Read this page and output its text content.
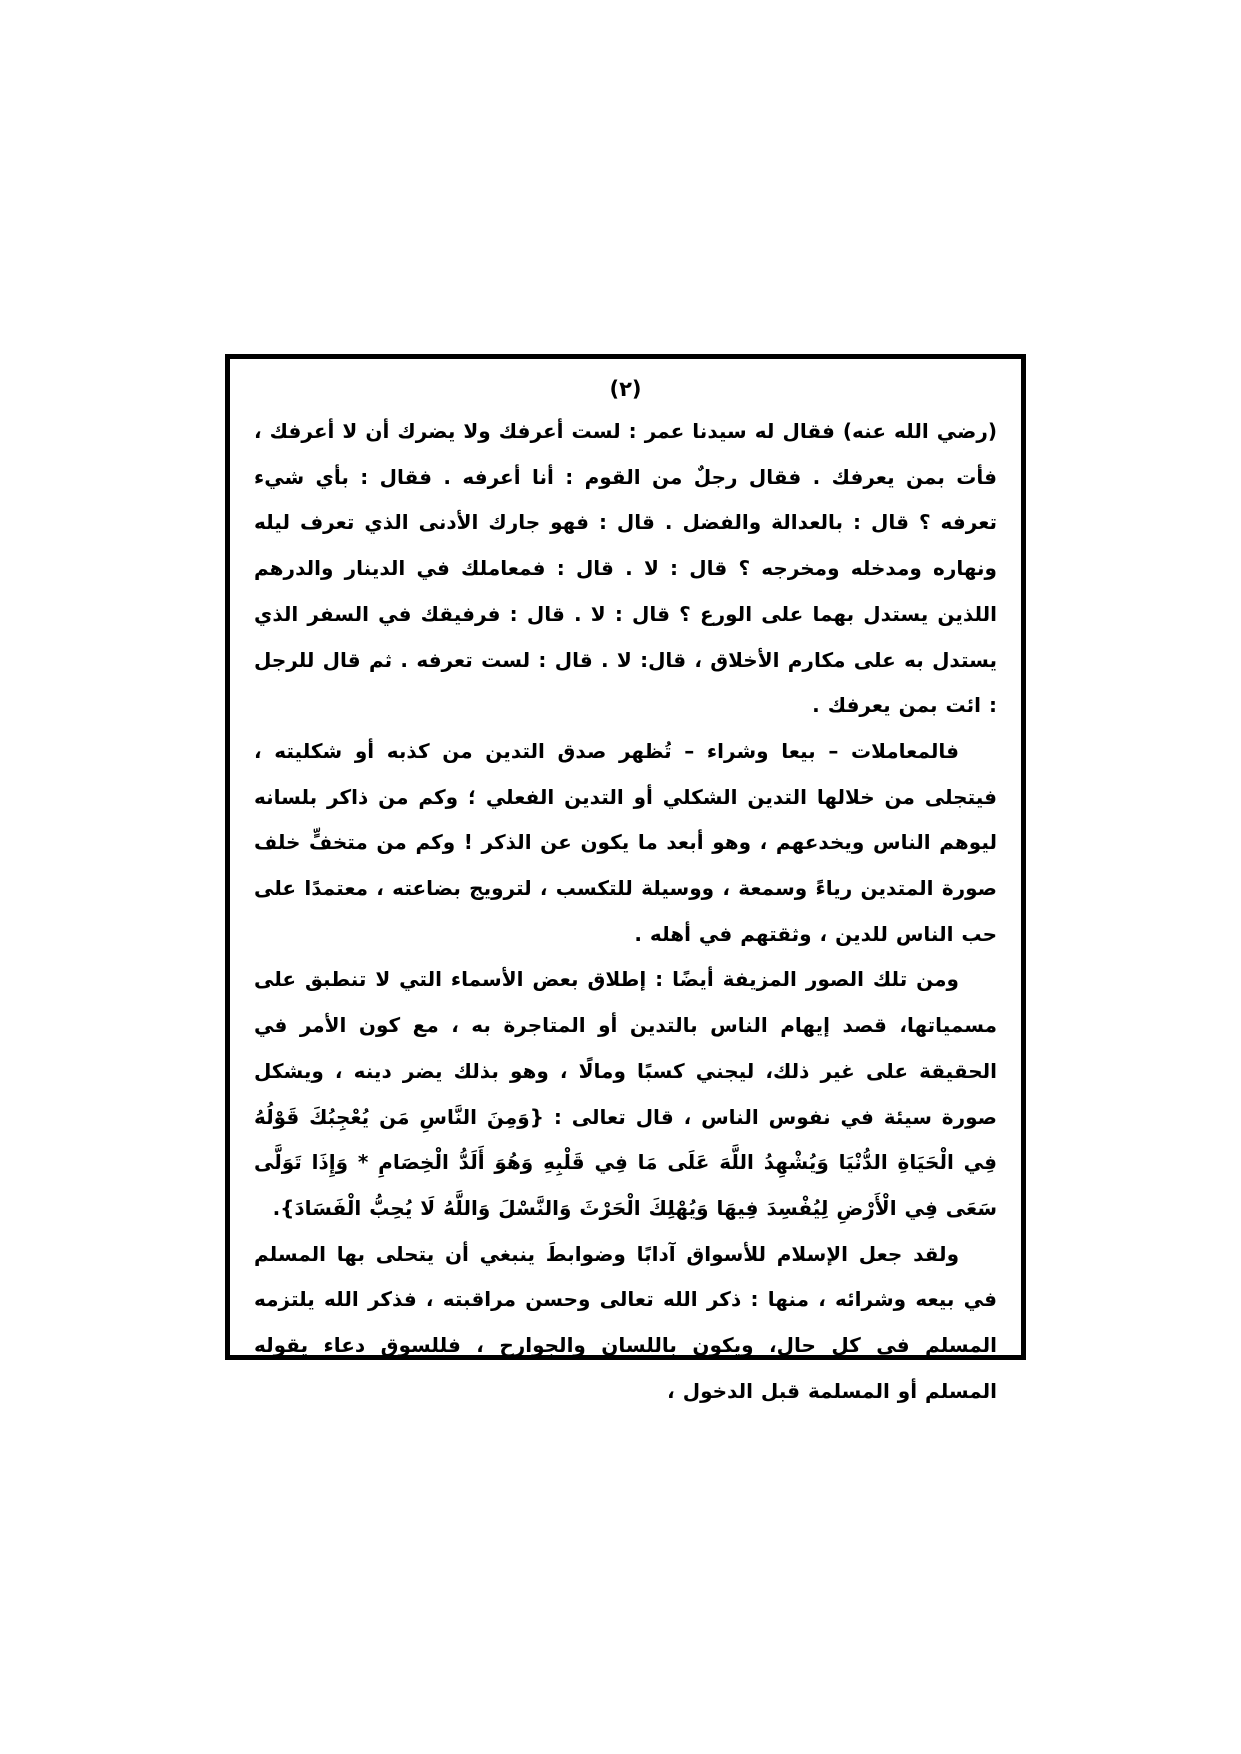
(٢)

(رضي الله عنه) فقال له سيدنا عمر : لست أعرفك ولا يضرك أن لا أعرفك ، فأت بمن يعرفك . فقال رجلٌ من القوم : أنا أعرفه . فقال : بأي شيء تعرفه ؟ قال : بالعدالة والفضل . قال : فهو جارك الأدنى الذي تعرف ليله ونهاره ومدخله ومخرجه ؟ قال : لا . قال : فمعاملك في الدينار والدرهم اللذين يستدل بهما على الورع ؟ قال : لا . قال : فرفيقك في السفر الذي يستدل به على مكارم الأخلاق ، قال: لا . قال : لست تعرفه . ثم قال للرجل : ائت بمن يعرفك .

فالمعاملات – بيعا وشراء – تُظهر صدق التدين من كذبه أو شكليته ، فيتجلى من خلالها التدين الشكلي أو التدين الفعلي ؛ وكم من ذاكر بلسانه ليوهم الناس ويخدعهم ، وهو أبعد ما يكون عن الذكر ! وكم من متخفٍّ خلف صورة المتدين رياءً وسمعة ، ووسيلة للتكسب ، لترويج بضاعته ، معتمدًا على حب الناس للدين ، وثقتهم في أهله .

ومن تلك الصور المزيفة أيضًا : إطلاق بعض الأسماء التي لا تنطبق على مسمياتها، قصد إيهام الناس بالتدين أو المتاجرة به ، مع كون الأمر في الحقيقة على غير ذلك، ليجني كسبًا ومالًا ، وهو بذلك يضر دينه ، ويشكل صورة سيئة في نفوس الناس ، قال تعالى : {وَمِنَ النَّاسِ مَن يُعْجِبُكَ قَوْلُهُ فِي الْحَيَاةِ الدُّنْيَا وَيُشْهِدُ اللَّهَ عَلَى مَا فِي قَلْبِهِ وَهُوَ أَلَدُّ الْخِصَامِ * وَإِذَا تَوَلَّى سَعَى فِي الْأَرْضِ لِيُفْسِدَ فِيهَا وَيُهْلِكَ الْحَرْثَ وَالنَّسْلَ وَاللَّهُ لَا يُحِبُّ الْفَسَادَ}.

ولقد جعل الإسلام للأسواق آدابًا وضوابطَ ينبغي أن يتحلى بها المسلم في بيعه وشرائه ، منها : ذكر الله تعالى وحسن مراقبته ، فذكر الله يلتزمه المسلم في كل حال، ويكون باللسان والجوارح ، فللسوق دعاء يقوله المسلم أو المسلمة قبل الدخول ،
